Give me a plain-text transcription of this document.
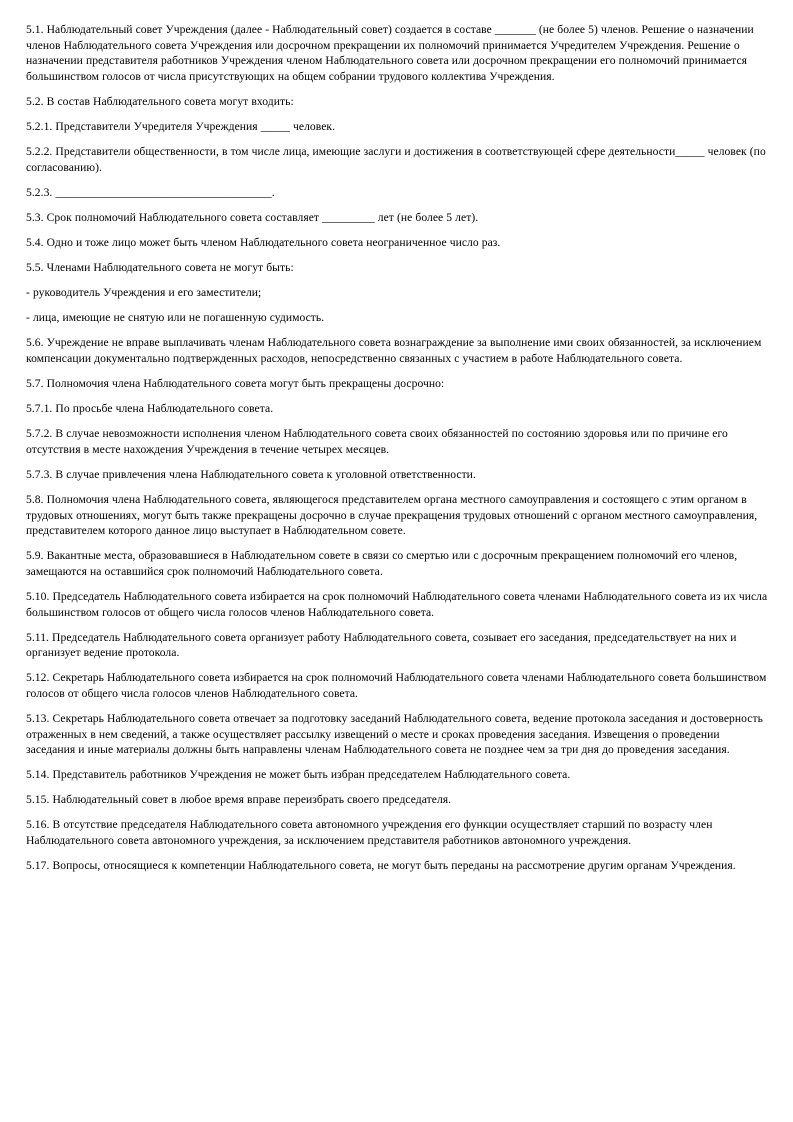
5.1. Наблюдательный совет Учреждения (далее - Наблюдательный совет) создается в составе _______ (не более 5) членов. Решение о назначении членов Наблюдательного совета Учреждения или досрочном прекращении их полномочий принимается Учредителем Учреждения. Решение о назначении представителя работников Учреждения членом Наблюдательного совета или досрочном прекращении его полномочий принимается большинством голосов от числа присутствующих на общем собрании трудового коллектива Учреждения.

5.2. В состав Наблюдательного совета могут входить:

5.2.1. Представители Учредителя Учреждения _____ человек.

5.2.2. Представители общественности, в том числе лица, имеющие заслуги и достижения в соответствующей сфере деятельности_____ человек (по согласованию).

5.2.3. _____________________________________.

5.3. Срок полномочий Наблюдательного совета составляет _________ лет (не более 5 лет).

5.4. Одно и тоже лицо может быть членом Наблюдательного совета неограниченное число раз.

5.5. Членами Наблюдательного совета не могут быть:

- руководитель Учреждения и его заместители;

- лица, имеющие не снятую или не погашенную судимость.

5.6. Учреждение не вправе выплачивать членам Наблюдательного совета вознаграждение за выполнение ими своих обязанностей, за исключением компенсации документально подтвержденных расходов, непосредственно связанных с участием в работе Наблюдательного совета.

5.7. Полномочия члена Наблюдательного совета могут быть прекращены досрочно:

5.7.1. По просьбе члена Наблюдательного совета.

5.7.2. В случае невозможности исполнения членом Наблюдательного совета своих обязанностей по состоянию здоровья или по причине его отсутствия в месте нахождения Учреждения в течение четырех месяцев.

5.7.3. В случае привлечения члена Наблюдательного совета к уголовной ответственности.

5.8. Полномочия члена Наблюдательного совета, являющегося представителем органа местного самоуправления и состоящего с этим органом в трудовых отношениях, могут быть также прекращены досрочно в случае прекращения трудовых отношений с органом местного самоуправления, представителем которого данное лицо выступает в Наблюдательном совете.

5.9. Вакантные места, образовавшиеся в Наблюдательном совете в связи со смертью или с досрочным прекращением полномочий его членов, замещаются на оставшийся срок полномочий Наблюдательного совета.

5.10. Председатель Наблюдательного совета избирается на срок полномочий Наблюдательного совета членами Наблюдательного совета из их числа большинством голосов от общего числа голосов членов Наблюдательного совета.

5.11. Председатель Наблюдательного совета организует работу Наблюдательного совета, созывает его заседания, председательствует на них и организует ведение протокола.

5.12. Секретарь Наблюдательного совета избирается на срок полномочий Наблюдательного совета членами Наблюдательного совета большинством голосов от общего числа голосов членов Наблюдательного совета.

5.13. Секретарь Наблюдательного совета отвечает за подготовку заседаний Наблюдательного совета, ведение протокола заседания и достоверность отраженных в нем сведений, а также осуществляет рассылку извещений о месте и сроках проведения заседания. Извещения о проведении заседания и иные материалы должны быть направлены членам Наблюдательного совета не позднее чем за три дня до проведения заседания.

5.14. Представитель работников Учреждения не может быть избран председателем Наблюдательного совета.

5.15. Наблюдательный совет в любое время вправе переизбрать своего председателя.

5.16. В отсутствие председателя Наблюдательного совета автономного учреждения его функции осуществляет старший по возрасту член Наблюдательного совета автономного учреждения, за исключением представителя работников автономного учреждения.

5.17. Вопросы, относящиеся к компетенции Наблюдательного совета, не могут быть переданы на рассмотрение другим органам Учреждения.
